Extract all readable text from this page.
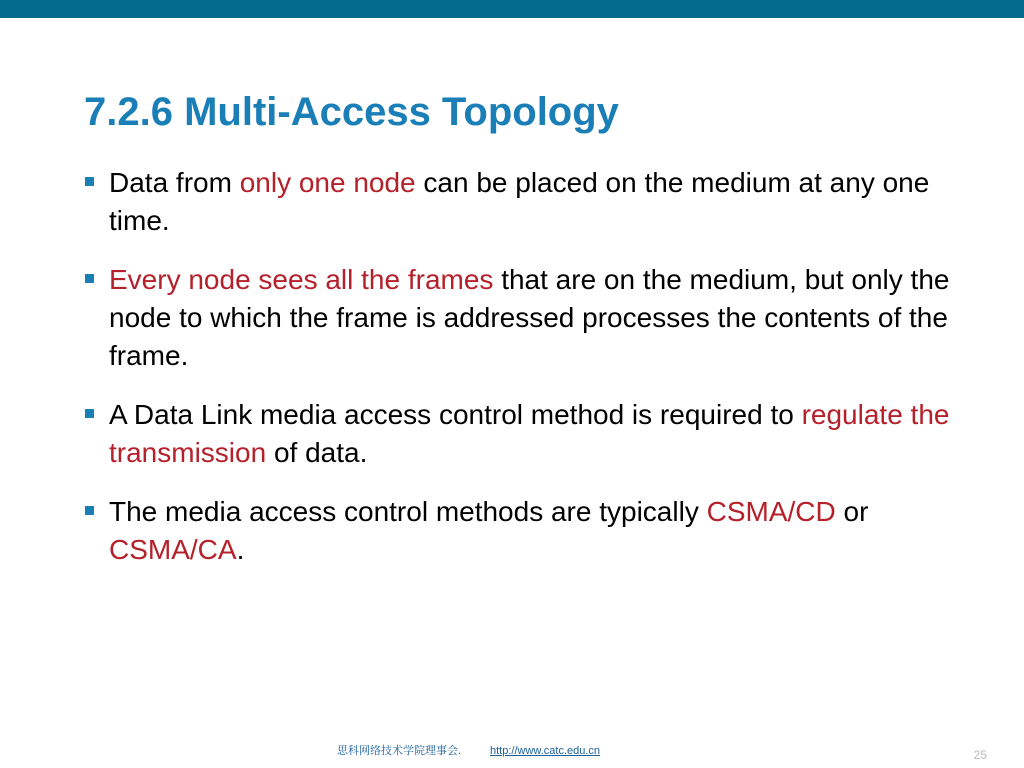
7.2.6 Multi-Access Topology
Data from only one node can be placed on the medium at any one time.
Every node sees all the frames that are on the medium, but only the node to which the frame is addressed processes the contents of the frame.
A Data Link media access control method is required to regulate the transmission of data.
The media access control methods are typically CSMA/CD or CSMA/CA.
思科网络技术学院理事会.	http://www.catc.edu.cn	25
